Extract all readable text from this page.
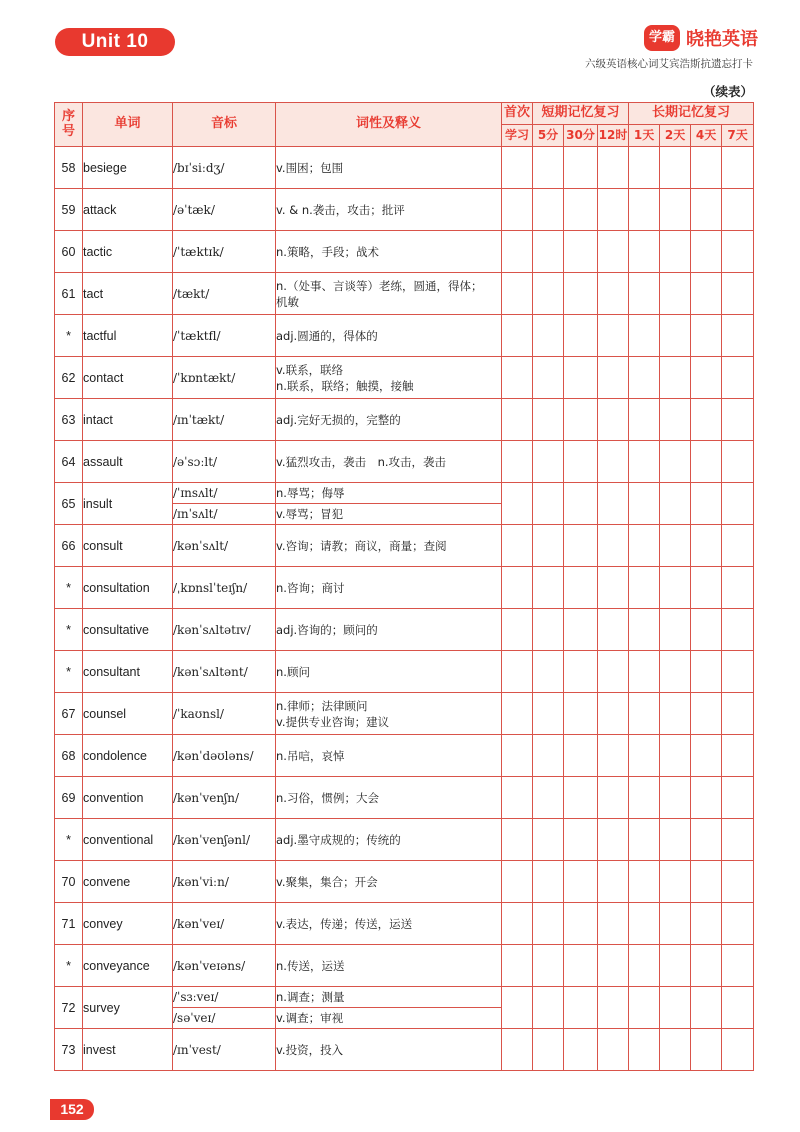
Unit 10	学霸 晓艳英语
六级英语核心词艾宾浩斯抗遗忘打卡
（续表）
序
号	单词	音标	词性及释义	首次	短期记忆复习			长期记忆复习			
				学习	5分	30分	12时	1天	2天	4天	7天
58	besiege	/bɪˈsiːdʒ/	v.围困；包围								

59	attack	/əˈtæk/	v. & n.袭击，攻击；批评								

60	tactic	/ˈtæktɪk/	n.策略，手段；战术								

61	tact	/tækt/	n.（处事、言谈等）老练，圆通，得体；
机敏								

*	tactful	/ˈtæktfl/	adj.圆通的，得体的								

62	contact	/ˈkɒntækt/	v.联系，联络
n.联系，联络；触摸，接触								

63	intact	/ɪnˈtækt/	adj.完好无损的，完整的								

64	assault	/əˈsɔːlt/	v.猛烈攻击，袭击　n.攻击，袭击								

65	insult	/ˈɪnsʌlt/	n.辱骂；侮辱								
		/ɪnˈsʌlt/	v.辱骂；冒犯								
66	consult	/kənˈsʌlt/	v.咨询；请教；商议，商量；查阅								

*	consultation	/ˌkɒnslˈteɪʃn/	n.咨询；商讨								

*	consultative	/kənˈsʌltətɪv/	adj.咨询的；顾问的								

*	consultant	/kənˈsʌltənt/	n.顾问								

67	counsel	/ˈkaʊnsl/	n.律师；法律顾问
v.提供专业咨询；建议								

68	condolence	/kənˈdəʊləns/	n.吊唁，哀悼								

69	convention	/kənˈvenʃn/	n.习俗，惯例；大会								

*	conventional	/kənˈvenʃənl/	adj.墨守成规的；传统的								

70	convene	/kənˈviːn/	v.聚集，集合；开会								

71	convey	/kənˈveɪ/	v.表达，传递；传送，运送								

*	conveyance	/kənˈveɪəns/	n.传送，运送								

72	survey	/ˈsɜːveɪ/	n.调查；测量								
		/səˈveɪ/	v.调查；审视								
73	invest	/ɪnˈvest/	v.投资，投入								

152
